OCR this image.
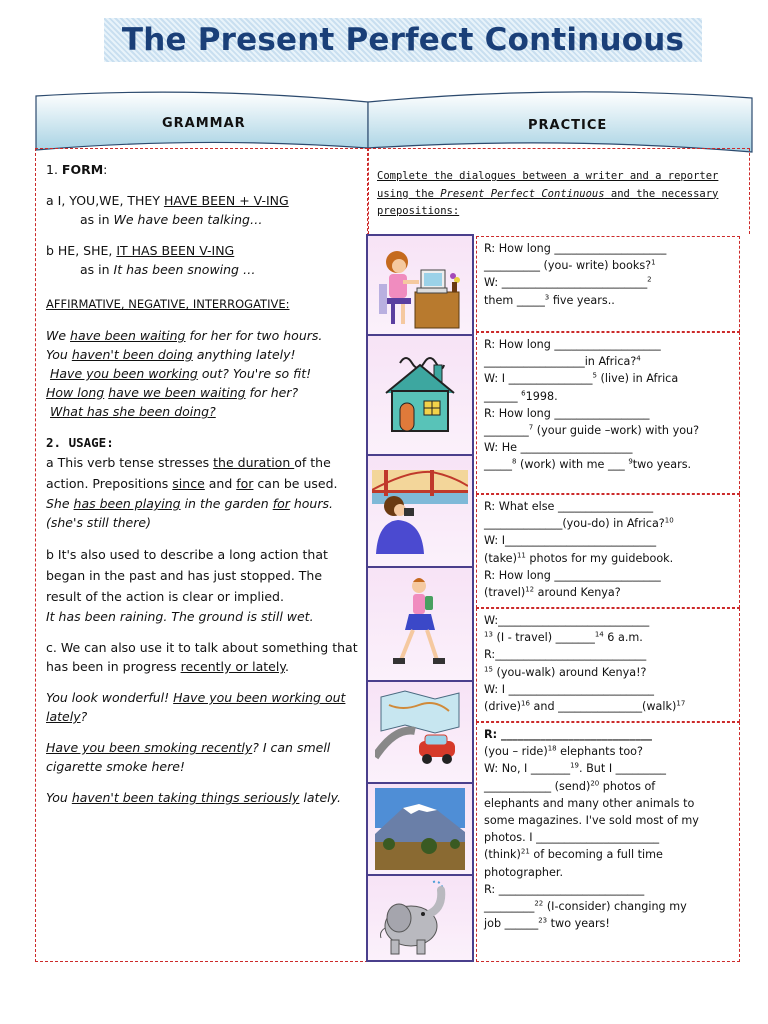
The Present Perfect Continuous
GRAMMAR	PRACTICE

1. FORM:

a I, YOU,WE, THEY HAVE BEEN + V-ING

as in We have been talking…

b HE, SHE, IT HAS BEEN V-ING

as in It has been snowing …

AFFIRMATIVE, NEGATIVE, INTERROGATIVE:

We have been waiting for her for two hours.

You haven't been doing anything lately!

Have you been working out? You're so fit!

How long have we been waiting for her?

What has she been doing?

2. USAGE:

a This verb tense stresses the duration of the action. Prepositions since and for can be used.

She has been playing in the garden for hours.

(she's still there)

b It's also used to describe a long action that began in the past and has just stopped. The result of the action is clear or implied.

It has been raining. The ground is still wet.

c. We can also use it to talk about something that has been in progress recently or lately.

You look wonderful! Have you been working out lately?

Have you been smoking recently? I can smell cigarette smoke here!

You haven't been taking things seriously lately.

Complete the dialogues between a writer and a reporter
using the Present Perfect Continuous and the necessary
prepositions:

R: How long ____________________

__________ (you- write) books?$^1$

W: __________________________$^2$

them _____$^3$ five years..

R: How long ___________________

__________________in Africa?$^4$

W: I _______________$^5$ (live) in Africa

______ $^6$1998.

R: How long _________________

________$^7$ (your guide –work) with you?

W: He ____________________

_____$^8$ (work) with me ___ $^9$two years.

R: What else _________________

______________(you-do) in Africa?$^{10}$

W: I___________________________

(take)$^{11}$ photos for my guidebook.

R: How long ___________________

(travel)$^{12}$ around Kenya?

W:___________________________

$^{13}$ (I - travel) _______$^{14}$ 6 a.m.

R:___________________________

$^{15}$ (you-walk) around Kenya!?

W: I __________________________

(drive)$^{16}$ and _______________(walk)$^{17}$

R: ___________________________

(you – ride)$^{18}$ elephants too?

W: No, I _______$^{19}$. But I _________

____________ (send)$^{20}$ photos of

elephants and many other animals to

some magazines. I've sold most of my

photos. I ______________________

(think)$^{21}$ of becoming a full time

photographer.

R: __________________________

_________$^{22}$ (I-consider) changing my

job ______$^{23}$ two years!
